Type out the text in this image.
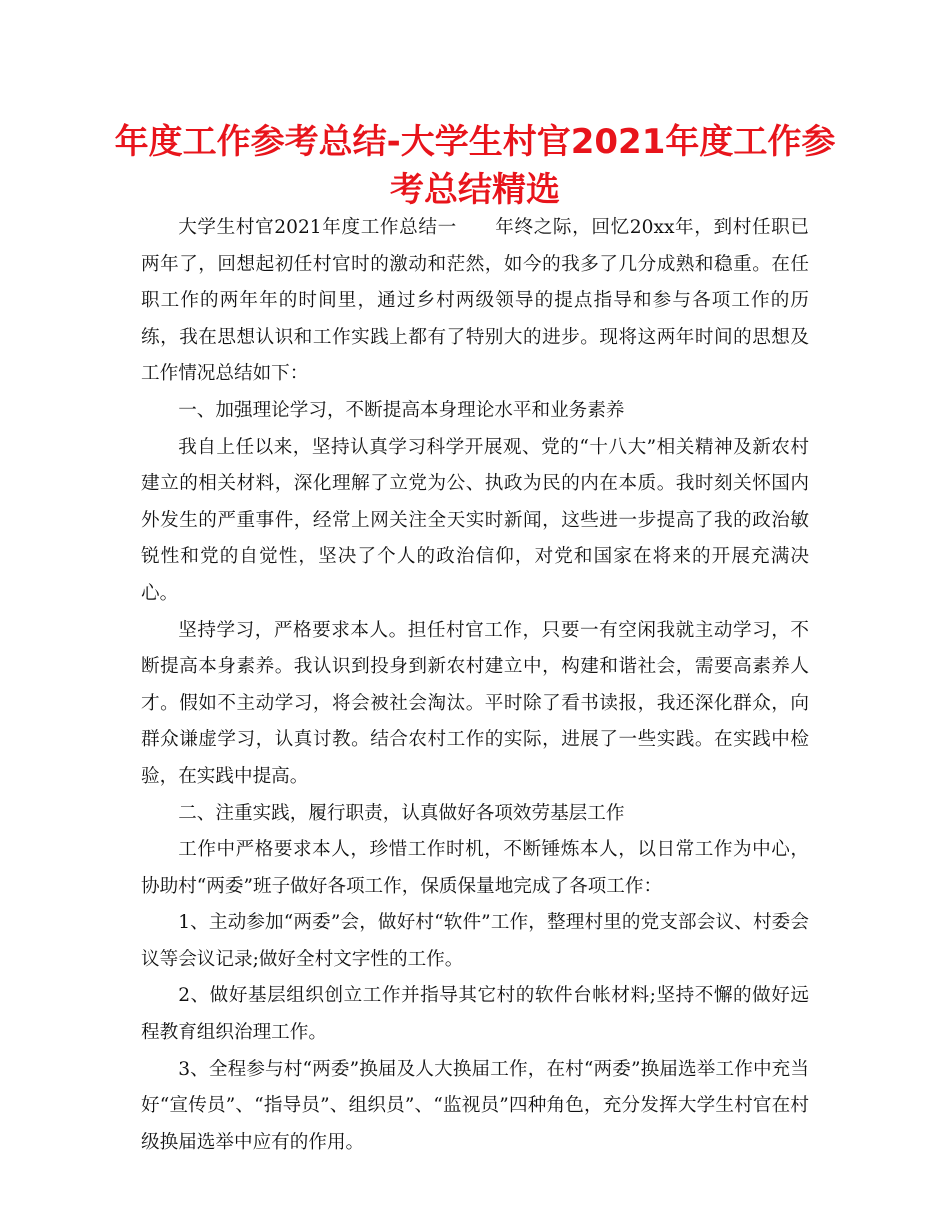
年度工作参考总结-大学生村官2021年度工作参考总结精选

大学生村官2021年度工作总结一　　年终之际，回忆20xx年，到村任职已两年了，回想起初任村官时的激动和茫然，如今的我多了几分成熟和稳重。在任职工作的两年年的时间里，通过乡村两级领导的提点指导和参与各项工作的历练，我在思想认识和工作实践上都有了特别大的进步。现将这两年时间的思想及工作情况总结如下：

一、加强理论学习，不断提高本身理论水平和业务素养

我自上任以来，坚持认真学习科学开展观、党的“十八大”相关精神及新农村建立的相关材料，深化理解了立党为公、执政为民的内在本质。我时刻关怀国内外发生的严重事件，经常上网关注全天实时新闻，这些进一步提高了我的政治敏锐性和党的自觉性，坚决了个人的政治信仰，对党和国家在将来的开展充满决心。

坚持学习，严格要求本人。担任村官工作，只要一有空闲我就主动学习，不断提高本身素养。我认识到投身到新农村建立中，构建和谐社会，需要高素养人才。假如不主动学习，将会被社会淘汰。平时除了看书读报，我还深化群众，向群众谦虚学习，认真讨教。结合农村工作的实际，进展了一些实践。在实践中检验，在实践中提高。

二、注重实践，履行职责，认真做好各项效劳基层工作

工作中严格要求本人，珍惜工作时机，不断锤炼本人，以日常工作为中心，协助村“两委”班子做好各项工作，保质保量地完成了各项工作：

1、主动参加“两委”会，做好村“软件”工作，整理村里的党支部会议、村委会议等会议记录;做好全村文字性的工作。

2、做好基层组织创立工作并指导其它村的软件台帐材料;坚持不懈的做好远程教育组织治理工作。

3、全程参与村“两委”换届及人大换届工作，在村“两委”换届选举工作中充当好“宣传员”、“指导员”、组织员”、“监视员”四种角色，充分发挥大学生村官在村级换届选举中应有的作用。
